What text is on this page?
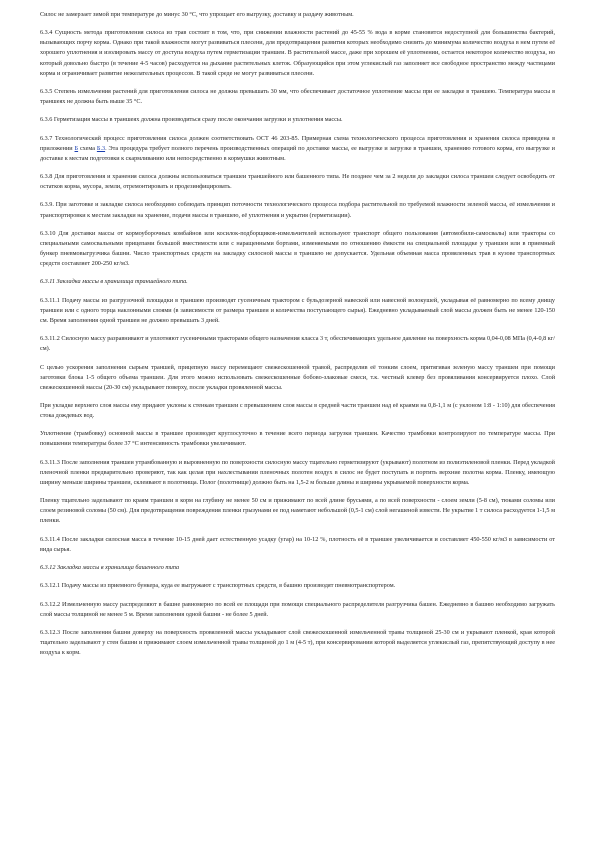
Силос не замерзает зимой при температуре до минус 30 °С, что упрощает его выгрузку, доставку и раздачу животным.

6.3.4 Сущность метода приготовления силоса из трав состоит в том, что, при снижении влажности растений до 45-55 % вода в корме становится недоступной для большинства бактерий, вызывающих порчу корма. Однако при такой влажности могут развиваться плесени, для предотвращения развития которых необходимо снизить до минимума количество воздуха в нем путем её хорошего уплотнения и изолировать массу от доступа воздуха путем герметизации траншеи. В растительной массе, даже при хорошем её уплотнении, остается некоторое количество воздуха, но который довольно быстро (в течение 4-5 часов) расходуется на дыхание растительных клеток. Образующийся при этом углекислый газ заполняет все свободное пространство между частицами корма и ограничивает развитие нежелательных процессов. В такой среде не могут развиваться плесени.

6.3.5 Степень измельчения растений для приготовления силоса не должна превышать 30 мм, что обеспечивает достаточное уплотнение массы при ее закладке в траншею. Температура массы в траншеях не должна быть выше 35 °С.

6.3.6 Герметизация массы в траншеях должна производиться сразу после окончания загрузки и уплотнения массы.

6.3.7 Технологический процесс приготовления силоса должен соответствовать ОСТ 46 203-85. Примерная схема технологического процесса приготовления и хранения силоса приведена в приложении Б схема Б.3. Эта процедура требует полного перечень производственных операций по доставке массы, ее выгрузке и загрузке в траншеи, хранению готового корма, его выгрузке и доставке к местам подготовки к скармливанию или непосредственно в кормушки животным.

6.3.8 Для приготовления и хранения силоса должны использоваться траншеи траншейного или башенного типа. Не позднее чем за 2 недели до закладки силоса траншеи следует освободить от остатков корма, мусора, земли, отремонтировать и продезинфицировать.

6.3.9. При заготовке и закладке силоса необходимо соблюдать принцип поточности технологического процесса подбора растительной по требуемой влажности зеленой массы, её измельчения и транспортировки к местам закладки на хранение, подачи массы в траншею, её уплотнения и укрытия (герметизации).

6.3.10 Для доставки массы от кормоуборочных комбайнов или косилок-подборщиков-измельчителей используют транспорт общего пользования (автомобили-самосвалы) или тракторы со специальными самосвальными прицепами большой вместимости или с наращенными бортами, изменяемыми по отношению ёмкости на специальной площадке у траншеи или в приемный бункер пневмовыгрузчика башни. Число транспортных средств на закладку силосной массы в траншею не допускается. Удельная объемная масса провяленных трав в кузове транспортных средств составляет 200-250 кг/м3.

6.3.11 Закладка массы в хранилища траншейного типа.

6.3.11.1 Подачу массы из разгрузочной площадки в траншею производят гусеничным трактором с бульдозерной навеской или навесной волокушей, укладывая её равномерно по всему днищу траншеи или с одного торца наклонными слоями (в зависимости от размера траншеи и количества поступающего сырья). Ежедневно укладываемый слой массы должен быть не менее 120-150 см. Время заполнения одной траншеи не должно превышать 3 дней.

6.3.11.2 Силосную массу разравнивают и уплотняют гусеничными тракторами общего назначения класса 3 т, обеспечивающих удельное давление на поверхность корма 0,04-0,08 МПа (0,4-0,8 кг/см).

С целью ускорения заполнения сырьем траншей, прицепную массу перемещают свежескошенной травой, распределив её тонким слоем, притягивая зеленую массу траншеи при помощи заготовки блока 1-5 общего объема траншеи. Для этого можно использовать свежескошенные бобово-злаковые смеси, т.к. честный клевер без провяливания консервируется плохо. Слой свежескошенной массы (20-30 см) укладывают поверху, после укладки провяленной массы.

При укладке верхнего слоя массы ему придают уклоны к стенкам траншеи с превышением слоя массы в средней части траншеи над её краями на 0,8-1,1 м (с уклоном 1:8 - 1:10) для обеспечения стока дождевых вод.

Уплотнение (трамбовку) основной массы в траншее производят круглосуточно в течение всего периода загрузки траншеи. Качество трамбовки контролируют по температуре массы. При повышении температуры более 37 °С интенсивность трамбовки увеличивают.

6.3.11.3 После заполнения траншеи утрамбованную и выровненную по поверхности силосную массу тщательно герметизируют (укрывают) полотном из полиэтиленовой пленки. Перед укладкой пленочной пленки предварительно проверяют, так как целая при нахлестывании пленочных полотен воздух в силос не будет поступать и портить верхние полотна корма. Пленку, имеющую ширину меньше ширины траншеи, склеивают в полотнища. Полог (полотнище) должно быть на 1,5-2 м больше длины и ширины укрываемой поверхности корма.

Пленку тщательно заделывают по краям траншеи в корм на глубину не менее 50 см и прижимают по всей длине брусьями, а по всей поверхности - слоем земли (5-8 см), тюками соломы или слоем резиновой соломы (50 см). Для предотвращения повреждения пленки грызунами ее под наметают небольшой (0,5-1 см) слой негашеной извести. Не укрытие 1 т силоса расходуется 1-1,5 м пленки.

6.3.11.4 После закладки силосная масса в течение 10-15 дней дает естественную усадку (угар) на 10-12 %, плотность её в траншее увеличивается и составляет 450-550 кг/м3 в зависимости от вида сырья.

6.3.12 Закладка массы в хранилища башенного типа

6.3.12.1 Подачу массы из приемного бункера, куда ее выгружают с транспортных средств, в башню производят пневмотранспортером.

6.3.12.2 Измельченную массу распределяют в башне равномерно по всей ее площади при помощи специального распределителя разгрузчика башен. Ежедневно в башню необходимо загружать слой массы толщиной не менее 5 м. Время заполнения одной башни - не более 5 дней.

6.3.12.3 После заполнения башни доверху на поверхность провяленной массы укладывают слой свежескошенной измельченной травы толщиной 25-30 см и укрывают пленкой, края которой тщательно заделывают у стен башни и прижимают слоем измельченной травы толщиной до 1 м (4-5 т), при консервировании которой выделяется углекислый газ, препятствующий доступу в нее воздуха к корм.
